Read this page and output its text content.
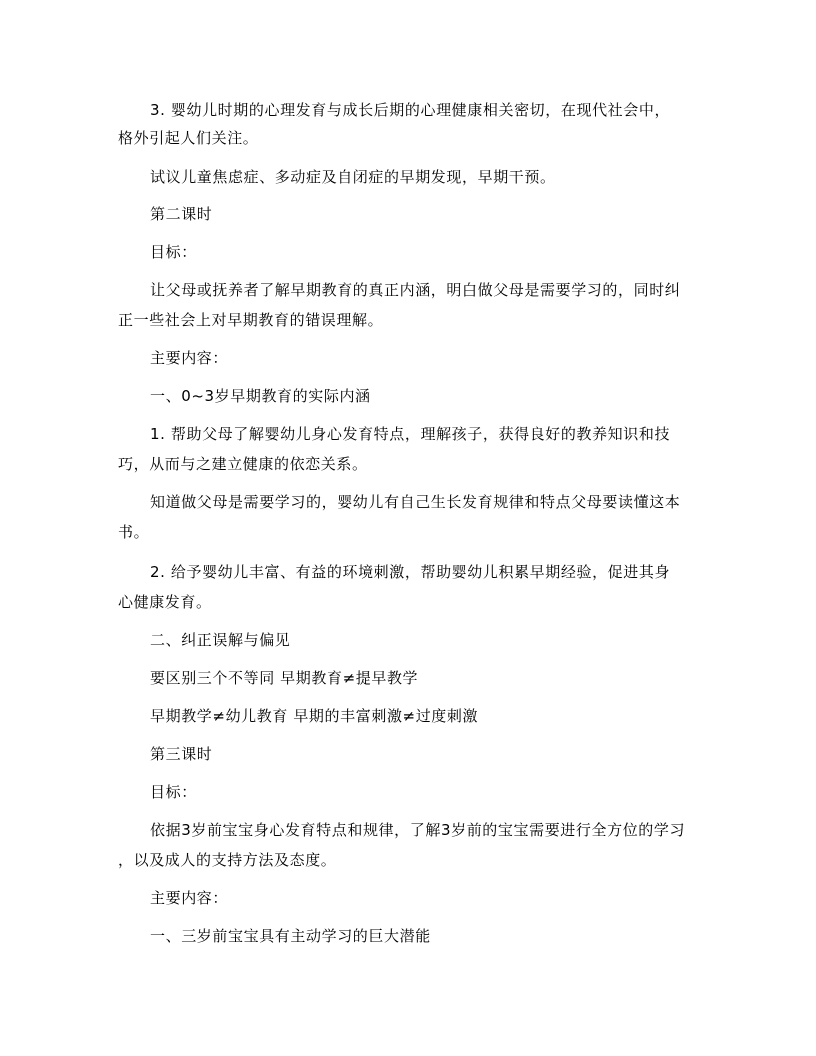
3. 婴幼儿时期的心理发育与成长后期的心理健康相关密切，在现代社会中，
格外引起人们关注。
试议儿童焦虑症、多动症及自闭症的早期发现，早期干预。
第二课时
目标：
让父母或抚养者了解早期教育的真正内涵，明白做父母是需要学习的，同时纠
正一些社会上对早期教育的错误理解。
主要内容：
一、0~3岁早期教育的实际内涵
1. 帮助父母了解婴幼儿身心发育特点，理解孩子，获得良好的教养知识和技
巧，从而与之建立健康的依恋关系。
知道做父母是需要学习的，婴幼儿有自己生长发育规律和特点父母要读懂这本
书。
2. 给予婴幼儿丰富、有益的环境刺激，帮助婴幼儿积累早期经验，促进其身
心健康发育。
二、纠正误解与偏见
要区别三个不等同 早期教育≠提早教学
早期教学≠幼儿教育 早期的丰富刺激≠过度刺激
第三课时
目标：
依据3岁前宝宝身心发育特点和规律，了解3岁前的宝宝需要进行全方位的学习
，以及成人的支持方法及态度。
主要内容：
一、三岁前宝宝具有主动学习的巨大潜能
